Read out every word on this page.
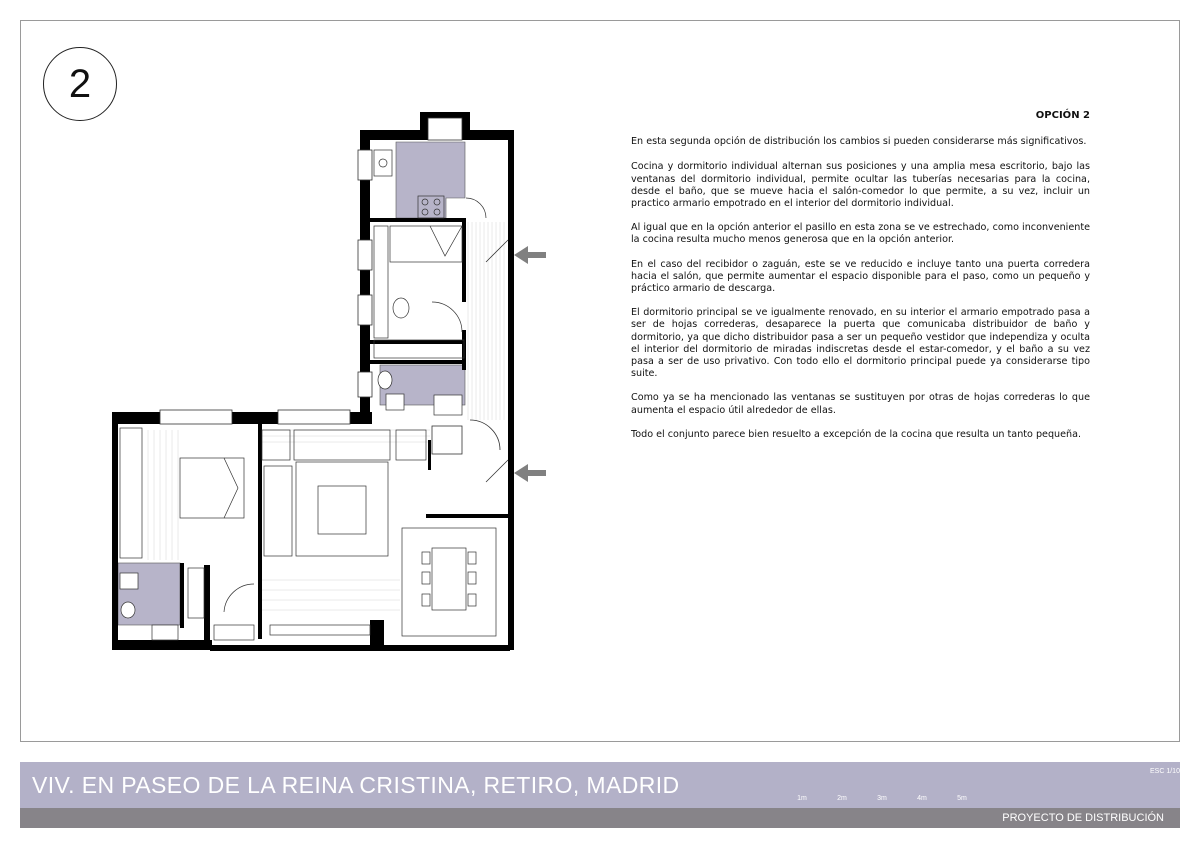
2
OPCIÓN 2

En esta segunda opción de distribución los cambios si pueden considerarse más significativos.

Cocina y dormitorio individual alternan sus posiciones y una amplia mesa escritorio, bajo las ventanas del dormitorio individual, permite ocultar las tuberías necesarias para la cocina, desde el baño, que se mueve hacia el salón-comedor lo que permite, a su vez, incluir un practico armario empotrado en el interior del dormitorio individual.

Al igual que en la opción anterior el pasillo en esta zona se ve estrechado, como inconveniente la cocina resulta mucho menos generosa que en la opción anterior.

En el caso del recibidor o zaguán, este se ve reducido e incluye tanto una puerta corredera hacia el salón, que permite aumentar el espacio disponible para el paso, como un pequeño y práctico armario de descarga.

El dormitorio principal se ve igualmente renovado, en su interior el armario empotrado pasa a ser de hojas correderas, desaparece la puerta que comunicaba distribuidor de baño y dormitorio, ya que dicho distribuidor pasa a ser un pequeño vestidor que independiza y oculta el interior del dormitorio de miradas indiscretas desde el estar-comedor, y el baño a su vez pasa a ser de uso privativo. Con todo ello el dormitorio principal puede ya considerarse tipo suite.

Como ya se ha mencionado las ventanas se sustituyen por otras de hojas correderas lo que aumenta el espacio útil alrededor de ellas.

Todo el conjunto parece bien resuelto a excepción de la cocina que resulta un tanto pequeña.

VIV. EN PASEO DE LA REINA CRISTINA, RETIRO, MADRID
ESC 1/100
1m	2m	3m	4m	5m
PROYECTO DE DISTRIBUCIÓN
